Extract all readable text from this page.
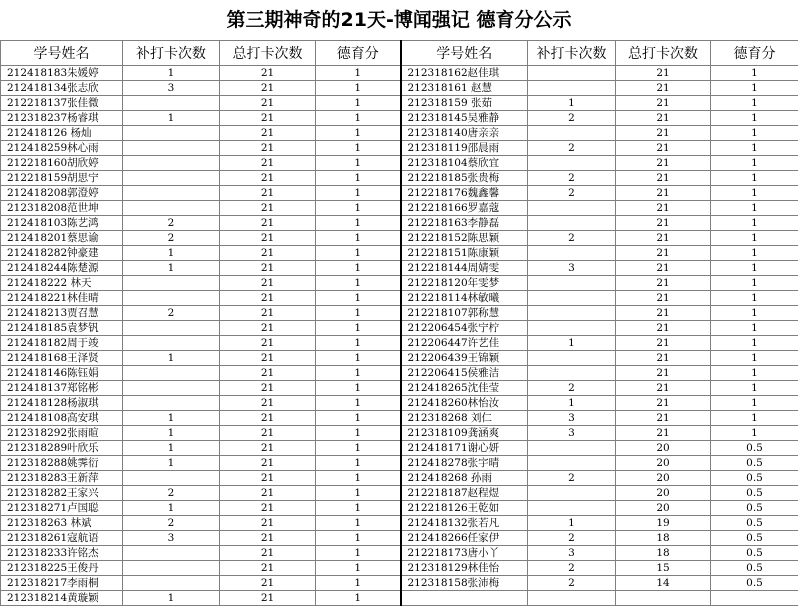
第三期神奇的21天-博闻强记 德育分公示
学号姓名	补打卡次数	总打卡次数	德育分	学号姓名	补打卡次数	总打卡次数	德育分
212418183朱媛婷	1	21	1	212318162赵佳琪		21	1
212418134张志欣	3	21	1	212318161 赵慧		21	1
212218137张佳微		21	1	212318159 张茹	1	21	1
212318237杨睿琪	1	21	1	212318145吴雅静	2	21	1
212418126 杨灿		21	1	212318140唐亲亲		21	1
212418259林心雨		21	1	212318119邵晨雨	2	21	1
212218160胡欣婷		21	1	212318104蔡欣宜		21	1
212218159胡思宁		21	1	212218185张贵梅	2	21	1
212418208郭澄婷		21	1	212218176魏鑫馨	2	21	1
212318208范世坤		21	1	212218166罗嘉蔻		21	1
212418103陈艺鸿	2	21	1	212218163李静磊		21	1
212418201蔡思谕	2	21	1	212218152陈思颖	2	21	1
212418282钟豪建	1	21	1	212218151陈康颖		21	1
212418244陈楚源	1	21	1	212218144周婧雯	3	21	1
212418222 林天		21	1	212218120年雯梦		21	1
212418221林佳晴		21	1	212218114林敏曦		21	1
212418213贾召慧	2	21	1	212218107郭称慧		21	1
212418185袁梦钒		21	1	212206454张宁柠		21	1
212418182周于竣		21	1	212206447许艺佳	1	21	1
212418168王泽贤	1	21	1	212206439王锦颖		21	1
212418146陈钰娟		21	1	212206415侯雅洁		21	1
212418137郑铭彬		21	1	212418265沈佳莹	2	21	1
212418128杨淑琪		21	1	212418260林怡汝	1	21	1
212418108高安琪	1	21	1	212318268 刘仁	3	21	1
212318292张雨暄	1	21	1	212318109龚涵爽	3	21	1
212318289叶欣乐	1	21	1	212418171谢心妍		20	0.5
212318288姚霁衍	1	21	1	212418278张宇晴		20	0.5
212318283王新萍		21	1	212418268 孙雨	2	20	0.5
212318282王家兴	2	21	1	212218187赵程煜		20	0.5
212318271卢国聪	1	21	1	212218126王乾如		20	0.5
212318263 林斌	2	21	1	212418132张若凡	1	19	0.5
212318261寇航语	3	21	1	212418266任家伊	2	18	0.5
212318233许铭杰		21	1	212218173唐小丫	3	18	0.5
212318225王俊丹		21	1	212318129林佳怡	2	15	0.5
212318217李雨桐		21	1	212318158张沛梅	2	14	0.5
212318214黄璇颖	1	21	1				
